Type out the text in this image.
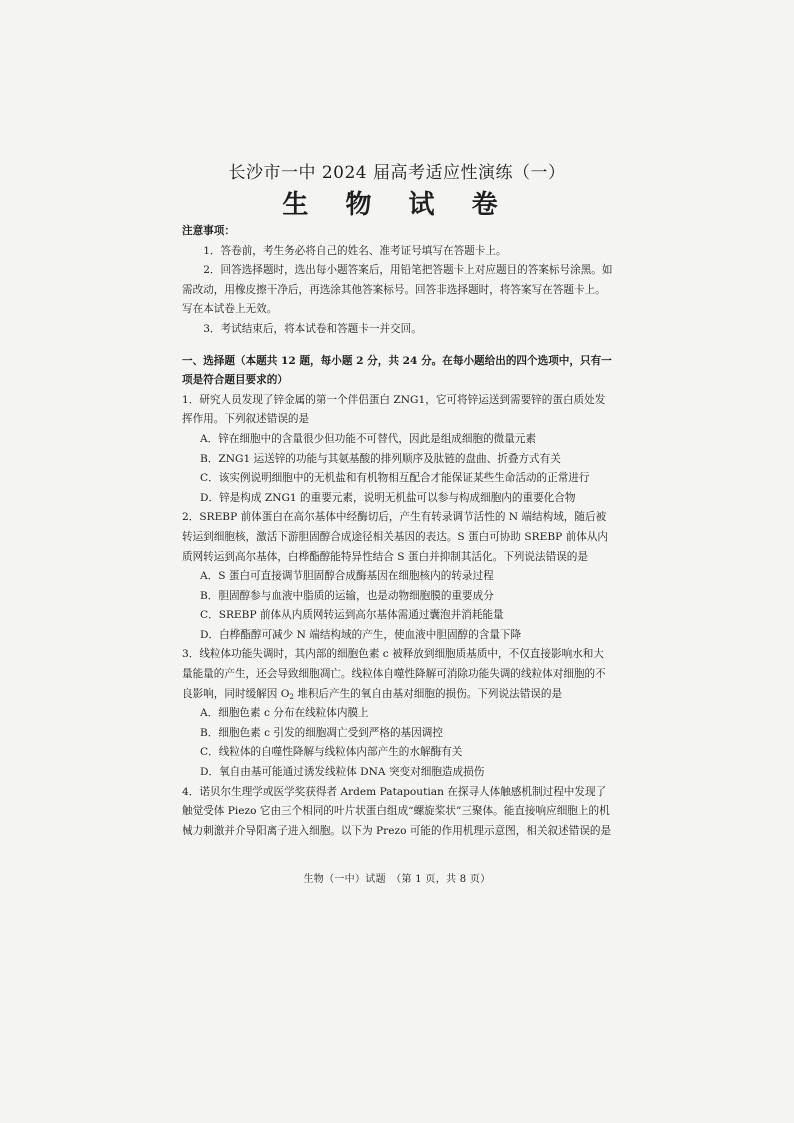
长沙市一中 2024 届高考适应性演练（一）
生 物 试 卷

注意事项：

1．答卷前，考生务必将自己的姓名、准考证号填写在答题卡上。

2．回答选择题时，选出每小题答案后，用铅笔把答题卡上对应题目的答案标号涂黑。如需改动，用橡皮擦干净后，再选涂其他答案标号。回答非选择题时，将答案写在答题卡上。写在本试卷上无效。

3．考试结束后，将本试卷和答题卡一并交回。

一、选择题（本题共 12 题，每小题 2 分，共 24 分。在每小题给出的四个选项中，只有一项是符合题目要求的）

1．研究人员发现了锌金属的第一个伴侣蛋白 ZNG1，它可将锌运送到需要锌的蛋白质处发挥作用。下列叙述错误的是

A．锌在细胞中的含量很少但功能不可替代，因此是组成细胞的微量元素

B．ZNG1 运送锌的功能与其氨基酸的排列顺序及肽链的盘曲、折叠方式有关

C．该实例说明细胞中的无机盐和有机物相互配合才能保证某些生命活动的正常进行

D．锌是构成 ZNG1 的重要元素，说明无机盐可以参与构成细胞内的重要化合物

2．SREBP 前体蛋白在高尔基体中经酶切后，产生有转录调节活性的 N 端结构域，随后被转运到细胞核，激活下游胆固醇合成途径相关基因的表达。S 蛋白可协助 SREBP 前体从内质网转运到高尔基体，白桦酯醇能特异性结合 S 蛋白并抑制其活化。下列说法错误的是

A．S 蛋白可直接调节胆固醇合成酶基因在细胞核内的转录过程

B．胆固醇参与血液中脂质的运输，也是动物细胞膜的重要成分

C．SREBP 前体从内质网转运到高尔基体需通过囊泡并消耗能量

D．白桦酯醇可减少 N 端结构域的产生，使血液中胆固醇的含量下降

3．线粒体功能失调时，其内部的细胞色素 c 被释放到细胞质基质中，不仅直接影响水和大量能量的产生，还会导致细胞凋亡。线粒体自噬性降解可消除功能失调的线粒体对细胞的不良影响，同时缓解因 $O_2$ 堆积后产生的氧自由基对细胞的损伤。下列说法错误的是

A．细胞色素 c 分布在线粒体内膜上

B．细胞色素 c 引发的细胞凋亡受到严格的基因调控

C．线粒体的自噬性降解与线粒体内部产生的水解酶有关

D．氧自由基可能通过诱发线粒体 DNA 突变对细胞造成损伤

4．诺贝尔生理学或医学奖获得者 Ardem Patapoutian 在探寻人体触感机制过程中发现了触觉受体 Piezo 它由三个相同的叶片状蛋白组成“螺旋桨状”三聚体。能直接响应细胞上的机械力刺激并介导阳离子进入细胞。以下为 Prezo 可能的作用机理示意图，相关叙述错误的是

生物（一中）试题　（第 1 页，共 8 页）
